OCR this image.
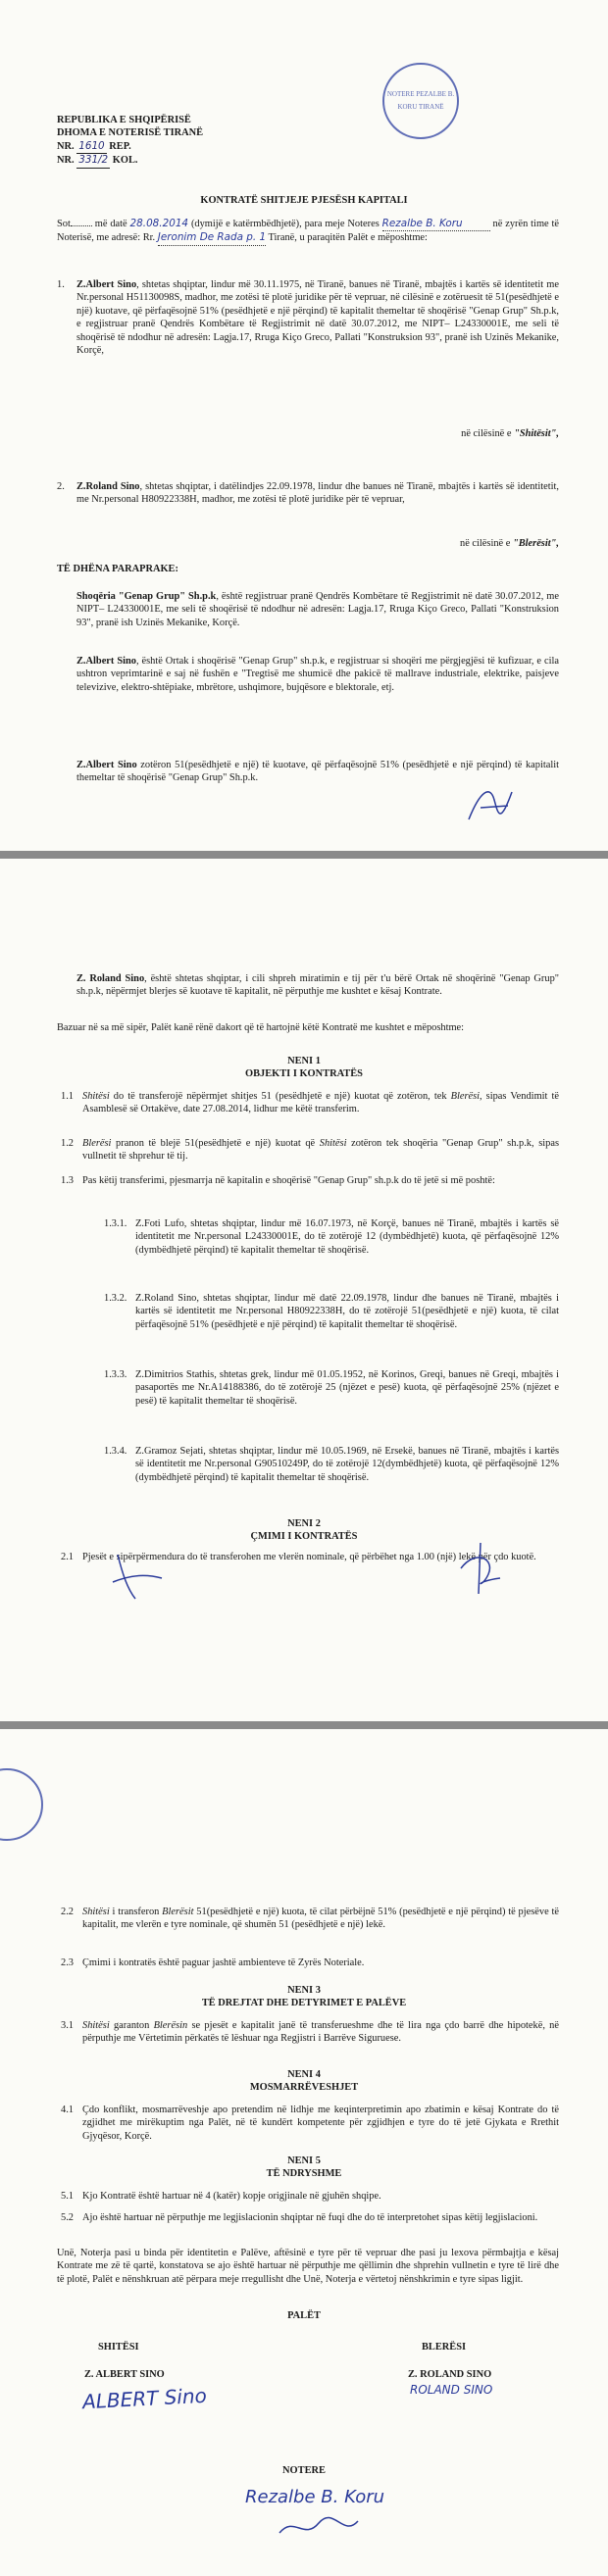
NOTERE PEZALBE B. KORU TIRANË
REPUBLIKA E SHQIPËRISË
DHOMA E NOTERISË TIRANË
NR. 1610 REP.
NR. 331/2 KOL.
KONTRATË SHITJEJE PJESËSH KAPITALI
Sot më datë 28.08.2014 (dymijë e katërmbëdhjetë), para meje Noteres Rezalbe B. Koru	në zyrën time të Noterisë, me adresë: Rr. Jeronim De Rada p. 1 Tiranë, u paraqitën Palët e mëposhtme:
1. Z.Albert Sino, shtetas shqiptar, lindur më 30.11.1975, në Tiranë, banues në Tiranë, mbajtës i kartës së identitetit me Nr.personal H51130098S, madhor, me zotësi të plotë juridike për të vepruar, në cilësinë e zotëruesit të 51(pesëdhjetë e një) kuotave, që përfaqësojnë 51% (pesëdhjetë e një përqind) të kapitalit themeltar të shoqërisë "Genap Grup" Sh.p.k, e regjistruar pranë Qendrës Kombëtare të Regjistrimit në datë 30.07.2012, me NIPT– L24330001E, me seli të shoqërisë të ndodhur në adresën: Lagja.17, Rruga Kiço Greco, Pallati "Konstruksion 93", pranë ish Uzinës Mekanike, Korçë,
në cilësinë e "Shitësit",
2. Z.Roland Sino, shtetas shqiptar, i datëlindjes 22.09.1978, lindur dhe banues në Tiranë, mbajtës i kartës së identitetit, me Nr.personal H80922338H, madhor, me zotësi të plotë juridike për të vepruar,
në cilësinë e "Blerësit",
TË DHËNA PARAPRAKE:
Shoqëria "Genap Grup" Sh.p.k, është regjistruar pranë Qendrës Kombëtare të Regjistrimit në datë 30.07.2012, me NIPT– L24330001E, me seli të shoqërisë të ndodhur në adresën: Lagja.17, Rruga Kiço Greco, Pallati "Konstruksion 93", pranë ish Uzinës Mekanike, Korçë.
Z.Albert Sino, është Ortak i shoqërisë "Genap Grup" sh.p.k, e regjistruar si shoqëri me përgjegjësi të kufizuar, e cila ushtron veprimtarinë e saj në fushën e "Tregtisë me shumicë dhe pakicë të mallrave industriale, elektrike, paisjeve televizive, elektro-shtëpiake, mbrëtore, ushqimore, bujqësore e blektorale, etj.
Z.Albert Sino zotëron 51(pesëdhjetë e një) të kuotave, që përfaqësojnë 51% (pesëdhjetë e një përqind) të kapitalit themeltar të shoqërisë "Genap Grup" Sh.p.k.
Z. Roland Sino, është shtetas shqiptar, i cili shpreh miratimin e tij për t'u bërë Ortak në shoqërinë "Genap Grup" sh.p.k, nëpërmjet blerjes së kuotave të kapitalit, në përputhje me kushtet e kësaj Kontrate.
Bazuar në sa më sipër, Palët kanë rënë dakort që të hartojnë këtë Kontratë me kushtet e mëposhtme:
NENI 1
OBJEKTI I KONTRATËS
1.1 Shitësi do të transferojë nëpërmjet shitjes 51 (pesëdhjetë e një) kuotat që zotëron, tek Blerësi, sipas Vendimit të Asamblesë së Ortakëve, date 27.08.2014, lidhur me këtë transferim.
1.2 Blerësi pranon të blejë 51(pesëdhjetë e një) kuotat që Shitësi zotëron tek shoqëria "Genap Grup" sh.p.k, sipas vullnetit të shprehur të tij.
1.3 Pas këtij transferimi, pjesmarrja në kapitalin e shoqërisë "Genap Grup" sh.p.k do të jetë si më poshtë:
1.3.1. Z.Foti Lufo, shtetas shqiptar, lindur më 16.07.1973, në Korçë, banues në Tiranë, mbajtës i kartës së identitetit me Nr.personal L24330001E, do të zotërojë 12 (dymbëdhjetë) kuota, që përfaqësojnë 12% (dymbëdhjetë përqind) të kapitalit themeltar të shoqërisë.
1.3.2. Z.Roland Sino, shtetas shqiptar, lindur më datë 22.09.1978, lindur dhe banues në Tiranë, mbajtës i kartës së identitetit me Nr.personal H80922338H, do të zotërojë 51(pesëdhjetë e një) kuota, të cilat përfaqësojnë 51% (pesëdhjetë e një përqind) të kapitalit themeltar të shoqërisë.
1.3.3. Z.Dimitrios Stathis, shtetas grek, lindur më 01.05.1952, në Korinos, Greqi, banues në Greqi, mbajtës i pasaportës me Nr.A14188386, do të zotërojë 25 (njëzet e pesë) kuota, që përfaqësojnë 25% (njëzet e pesë) të kapitalit themeltar të shoqërisë.
1.3.4. Z.Gramoz Sejati, shtetas shqiptar, lindur më 10.05.1969, në Ersekë, banues në Tiranë, mbajtës i kartës së identitetit me Nr.personal G90510249P, do të zotërojë 12(dymbëdhjetë) kuota, që përfaqësojnë 12% (dymbëdhjetë përqind) të kapitalit themeltar të shoqërisë.
NENI 2
ÇMIMI I KONTRATËS
2.1 Pjesët e sipërpërmendura do të transferohen me vlerën nominale, që përbëhet nga 1.00 (një) lekë për çdo kuotë.
2.2 Shitësi i transferon Blerësit 51(pesëdhjetë e një) kuota, të cilat përbëjnë 51% (pesëdhjetë e një përqind) të pjesëve të kapitalit, me vlerën e tyre nominale, që shumën 51 (pesëdhjetë e një) lekë.
2.3 Çmimi i kontratës është paguar jashtë ambienteve të Zyrës Noteriale.
NENI 3
TË DREJTAT DHE DETYRIMET E PALËVE
3.1 Shitësi garanton Blerësin se pjesët e kapitalit janë të transferueshme dhe të lira nga çdo barrë dhe hipotekë, në përputhje me Vërtetimin përkatës të lëshuar nga Regjistri i Barrëve Siguruese.
NENI 4
MOSMARRËVESHJET
4.1 Çdo konflikt, mosmarrëveshje apo pretendim në lidhje me keqinterpretimin apo zbatimin e kësaj Kontrate do të zgjidhet me mirëkuptim nga Palët, në të kundërt kompetente për zgjidhjen e tyre do të jetë Gjykata e Rrethit Gjyqësor, Korçë.
NENI 5
TË NDRYSHME
5.1 Kjo Kontratë është hartuar në 4 (katër) kopje origjinale në gjuhën shqipe.
5.2 Ajo është hartuar në përputhje me legjislacionin shqiptar në fuqi dhe do të interpretohet sipas këtij legjislacioni.
Unë, Noterja pasi u binda për identitetin e Palëve, aftësinë e tyre për të vepruar dhe pasi ju lexova përmbajtja e kësaj Kontrate me zë të qartë, konstatova se ajo është hartuar në përputhje me qëllimin dhe shprehin vullnetin e tyre të lirë dhe të plotë, Palët e nënshkruan atë përpara meje rregullisht dhe Unë, Noterja e vërtetoj nënshkrimin e tyre sipas ligjit.
PALËT
SHITËSI	BLERËSI
Z. ALBERT SINO	Z. ROLAND SINO
ALBERT Sino	ROLAND SINO
NOTERE
Rezalbe B. Koru
